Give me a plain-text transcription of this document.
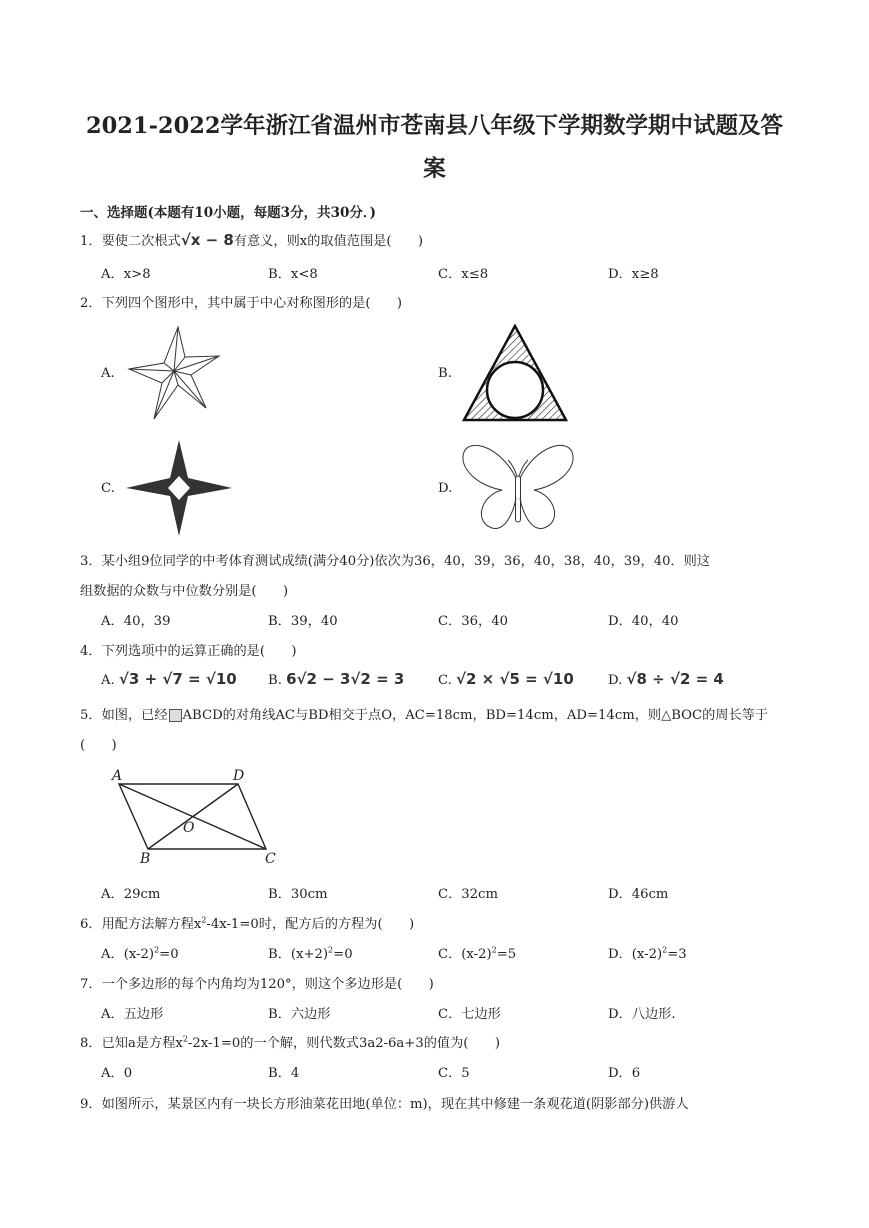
2021-2022学年浙江省温州市苍南县八年级下学期数学期中试题及答
案
一、选择题(本题有10小题，每题3分，共30分．)
1．要使二次根式√x − 8有意义，则x的取值范围是(　　)
A．x>8	B．x<8	C．x≤8	D．x≥8
2．下列四个图形中，其中属于中心对称图形的是(　　)
A.	B.
C.	D.
3．某小组9位同学的中考体育测试成绩(满分40分)依次为36，40，39，36，40，38，40，39，40．则这
组数据的众数与中位数分别是(　　)
A．40，39	B．39，40	C．36，40	D．40，40
4．下列选项中的运算正确的是(　　)
A. √3 + √7 = √10 B. 6√2 − 3√2 = 3	C. √2 × √5 = √10	D. √8 ÷ √2 = 4
5．如图，已经 ABCD的对角线AC与BD相交于点O，AC=18cm，BD=14cm，AD=14cm，则△BOC的周长等于
(　　)
A	D
O
B	C
A．29cm	B．30cm	C．32cm	D．46cm
6．用配方法解方程$x^2-4x-1=0$时，配方后的方程为(　　)
A．$(x-2)^2=0$	B．$(x+2)^2=0$	C．$(x-2)^2=5$	D．$(x-2)^2=3$
7．一个多边形的每个内角均为120°，则这个多边形是(　　)
A．五边形	B．六边形	C．七边形	D．八边形.
8．已知a是方程$x^2-2x-1=0$的一个解，则代数式3a2-6a+3的值为(　　)
A．0	B．4	C．5	D．6
9．如图所示，某景区内有一块长方形油菜花田地(单位：m)，现在其中修建一条观花道(阴影部分)供游人
